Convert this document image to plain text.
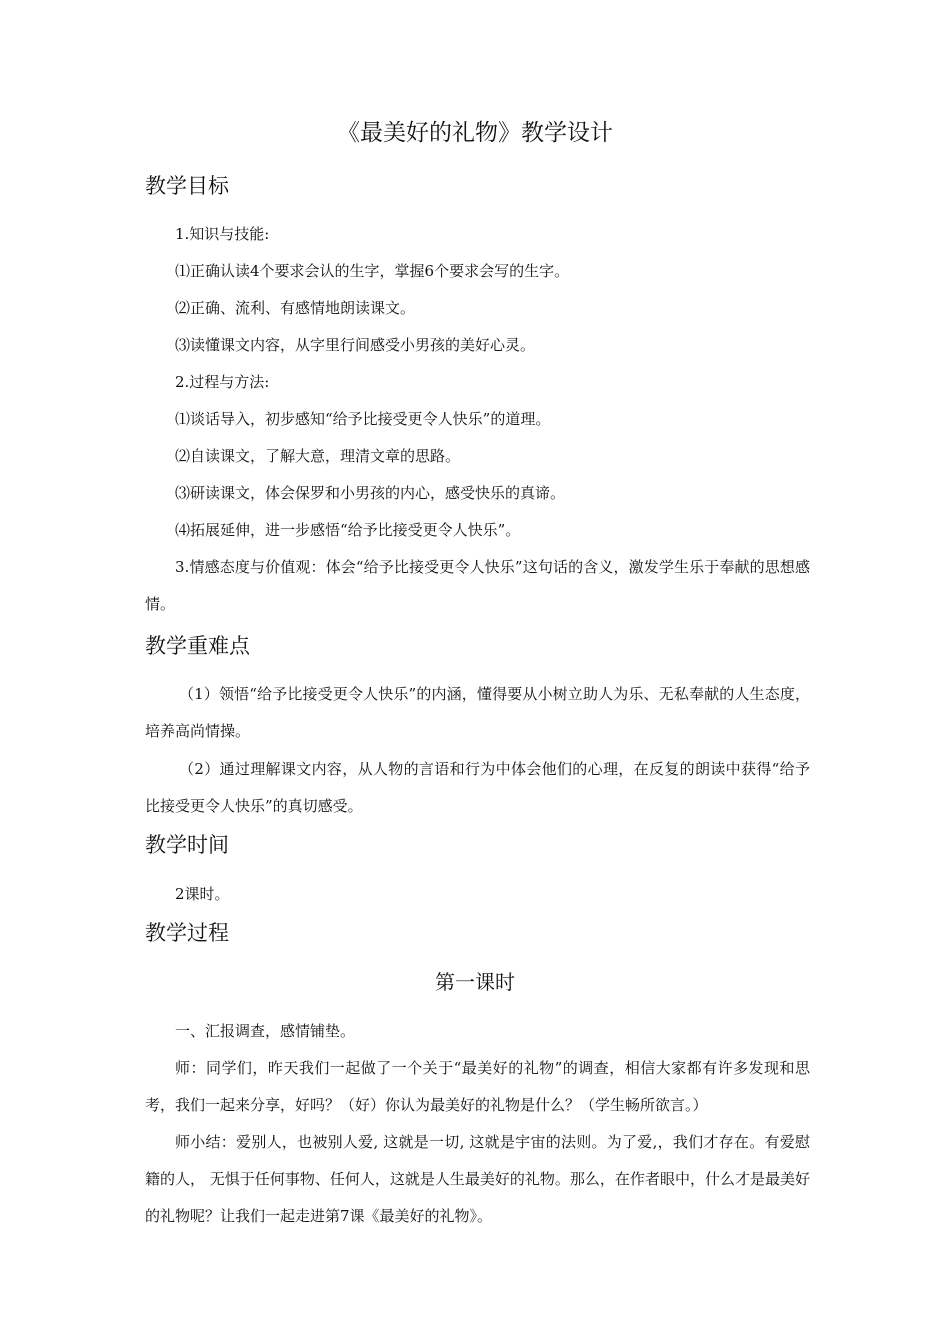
《最美好的礼物》教学设计
教学目标
1.知识与技能:
⑴正确认读4个要求会认的生字，掌握6个要求会写的生字。
⑵正确、流利、有感情地朗读课文。
⑶读懂课文内容，从字里行间感受小男孩的美好心灵。
2.过程与方法:
⑴谈话导入，初步感知“给予比接受更令人快乐”的道理。
⑵自读课文，了解大意，理清文章的思路。
⑶研读课文，体会保罗和小男孩的内心，感受快乐的真谛。
⑷拓展延伸，进一步感悟“给予比接受更令人快乐”。
3.情感态度与价值观：体会“给予比接受更令人快乐”这句话的含义，激发学生乐于奉献的思想感情。
教学重难点
（1）领悟“给予比接受更令人快乐”的内涵，懂得要从小树立助人为乐、无私奉献的人生态度，培养高尚情操。
（2）通过理解课文内容，从人物的言语和行为中体会他们的心理，在反复的朗读中获得“给予比接受更令人快乐”的真切感受。
教学时间
2课时。
教学过程
第一课时
一、汇报调查，感情铺垫。
师：同学们，昨天我们一起做了一个关于“最美好的礼物”的调查，相信大家都有许多发现和思考，我们一起来分享，好吗？（好）你认为最美好的礼物是什么？（学生畅所欲言。）
师小结：爱别人，也被别人爱, 这就是一切, 这就是宇宙的法则。为了爱,，我们才存在。有爱慰籍的人， 无惧于任何事物、任何人，这就是人生最美好的礼物。那么，在作者眼中，什么才是最美好的礼物呢？让我们一起走进第7课《最美好的礼物》。
